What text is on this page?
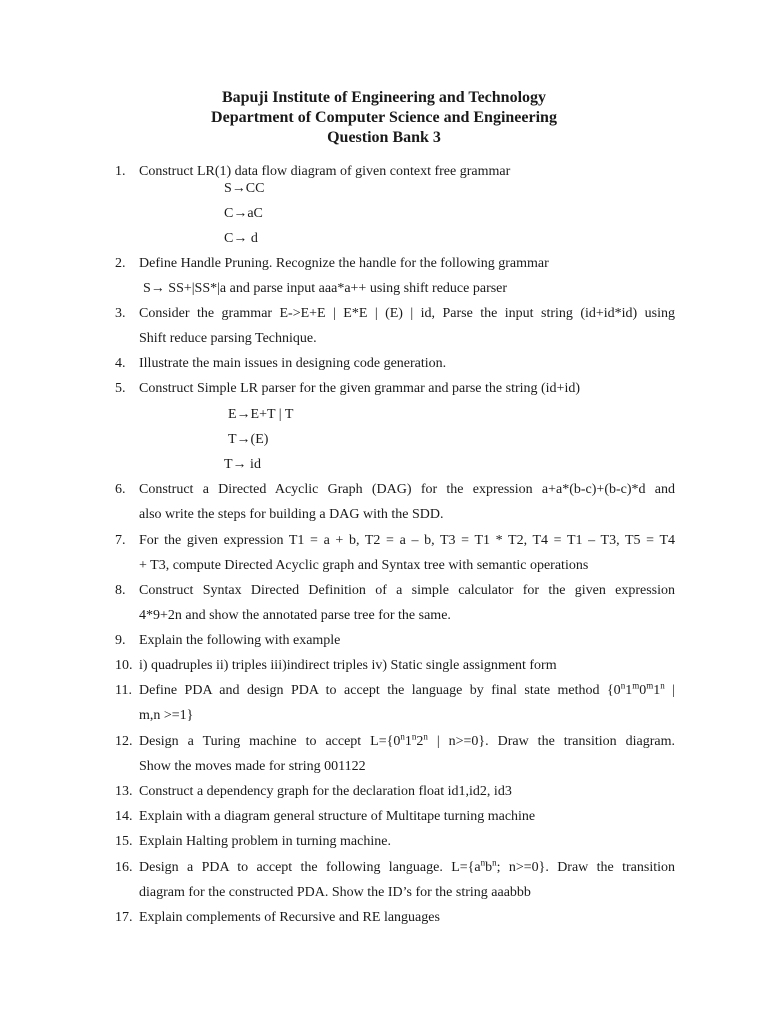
Bapuji Institute of Engineering and Technology
Department of Computer Science and Engineering
Question Bank 3
1. Construct LR(1) data flow diagram of given context free grammar
S→CC
C→aC
C→ d
2. Define Handle Pruning. Recognize the handle for the following grammar
S→ SS+|SS*|a and parse input aaa*a++ using shift reduce parser
3. Consider the grammar E->E+E | E*E | (E) | id, Parse the input string (id+id*id) using
Shift reduce parsing Technique.
4. Illustrate the main issues in designing code generation.
5. Construct Simple LR parser for the given grammar and parse the string (id+id)
E→E+T | T
T→(E)
T→ id
6. Construct a Directed Acyclic Graph (DAG) for the expression a+a*(b-c)+(b-c)*d and
also write the steps for building a DAG with the SDD.
7. For the given expression T1 = a + b, T2 = a – b, T3 = T1 * T2, T4 = T1 – T3, T5 = T4
+ T3, compute Directed Acyclic graph and Syntax tree with semantic operations
8. Construct Syntax Directed Definition of a simple calculator for the given expression
4*9+2n and show the annotated parse tree for the same.
9. Explain the following with example
10. i) quadruples ii) triples iii)indirect triples iv) Static single assignment form
11. Define PDA and design PDA to accept the language by final state method {0$^n$1$^m$0$^m$1$^n$ |
m,n >=1}
12. Design a Turing machine to accept $L=\{0^n1^n2^n$ | n>=0}. Draw the transition diagram.
Show the moves made for string 001122
13. Construct a dependency graph for the declaration float id1,id2, id3
14. Explain with a diagram general structure of Multitape turning machine
15. Explain Halting problem in turning machine.
16. Design a PDA to accept the following language. $L=\{a^nb^n$; n>=0}. Draw the transition
diagram for the constructed PDA. Show the ID’s for the string aaabbb
17. Explain complements of Recursive and RE languages
